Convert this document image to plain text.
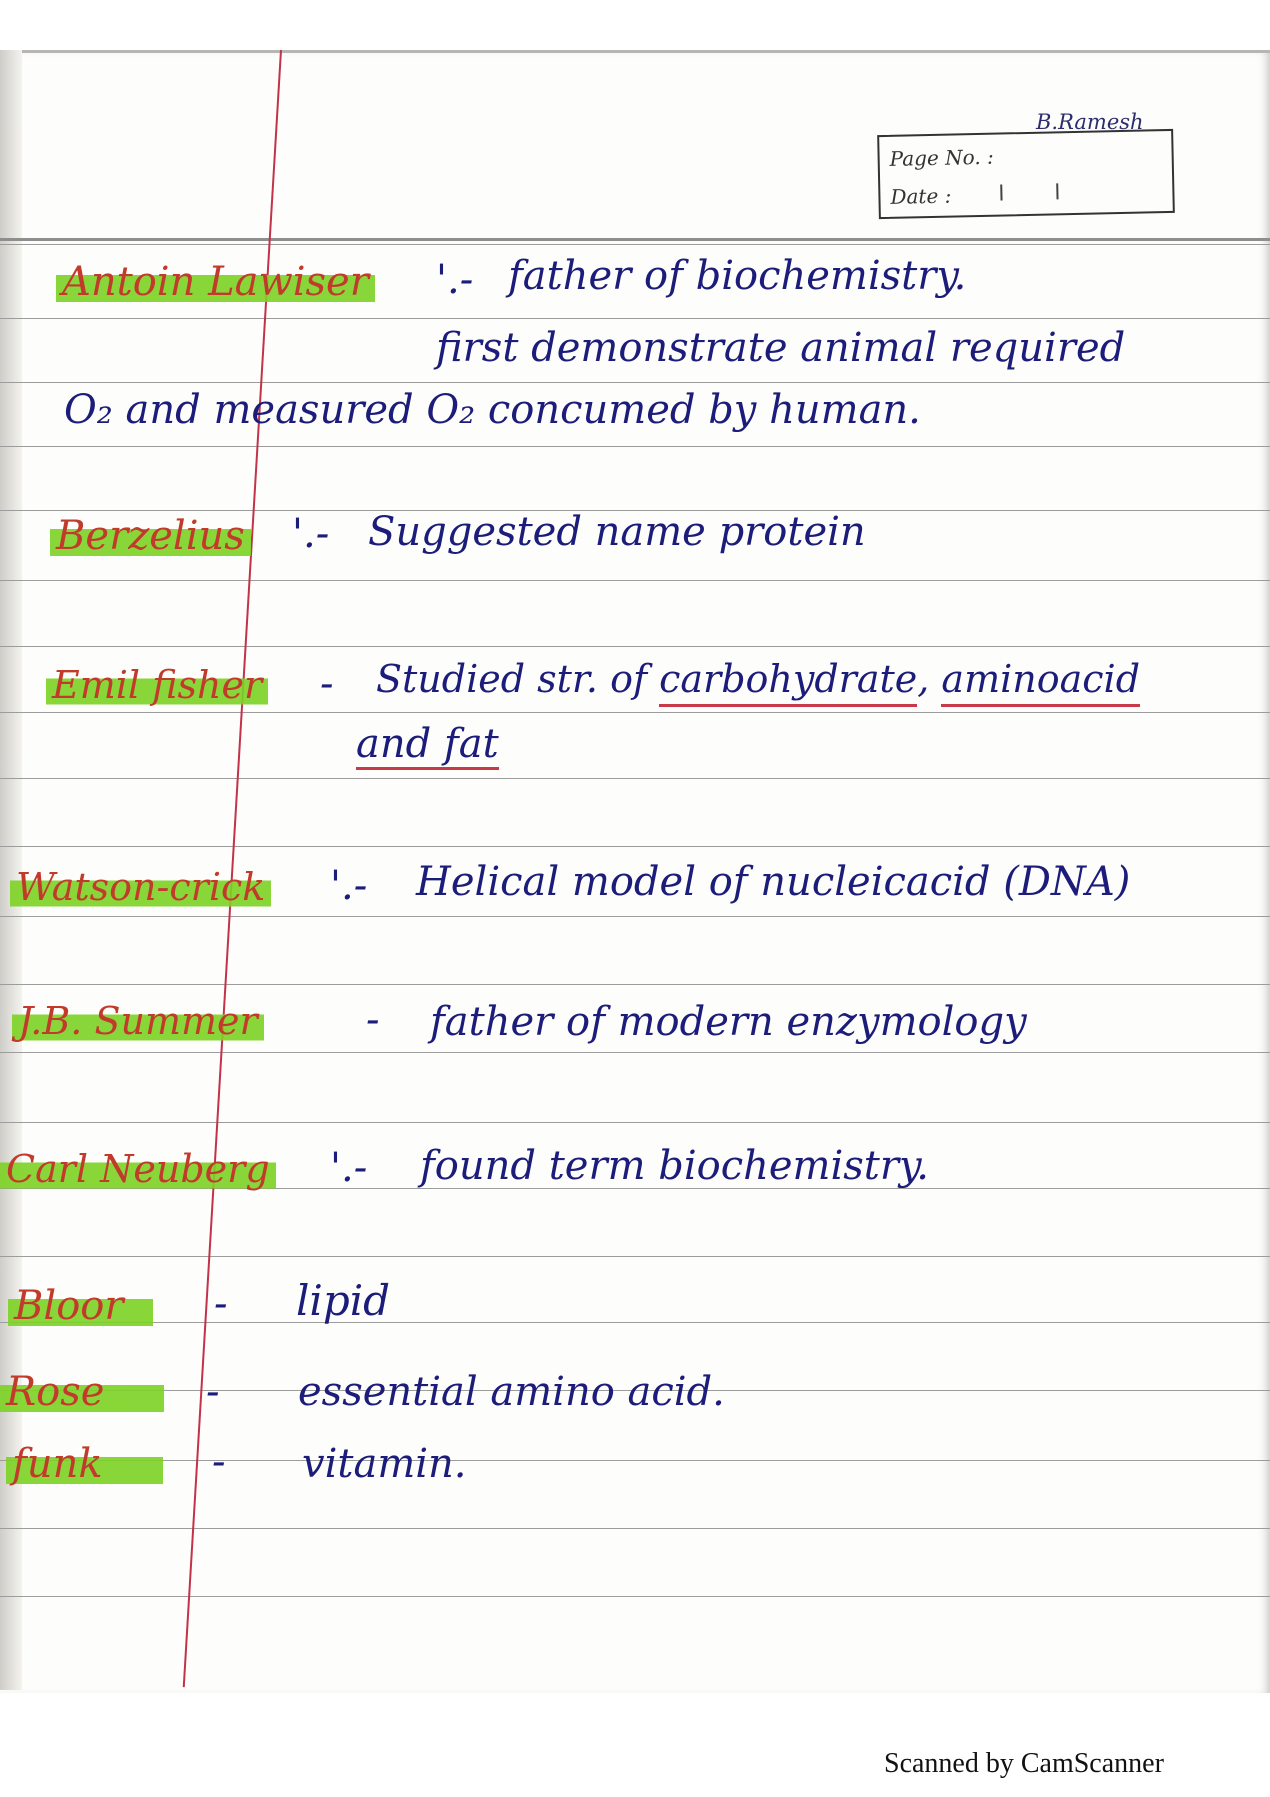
B.Ramesh
Page No. :
Date :
Antoin Lawiser '.- father of biochemistry.
first demonstrate animal required
O₂ and measured O₂ concumed by human.
Berzelius '.- Suggested name protein
Emil fisher - Studied str. of carbohydrate, aminoacid
and fat
Watson-crick '.- Helical model of nucleicacid (DNA)
J.B. Summer	- father of modern enzymology
Carl Neuberg '.- found term biochemistry.
Bloor	- lipid
Rose	- essential amino acid.
funk	- vitamin.
Scanned by CamScanner
